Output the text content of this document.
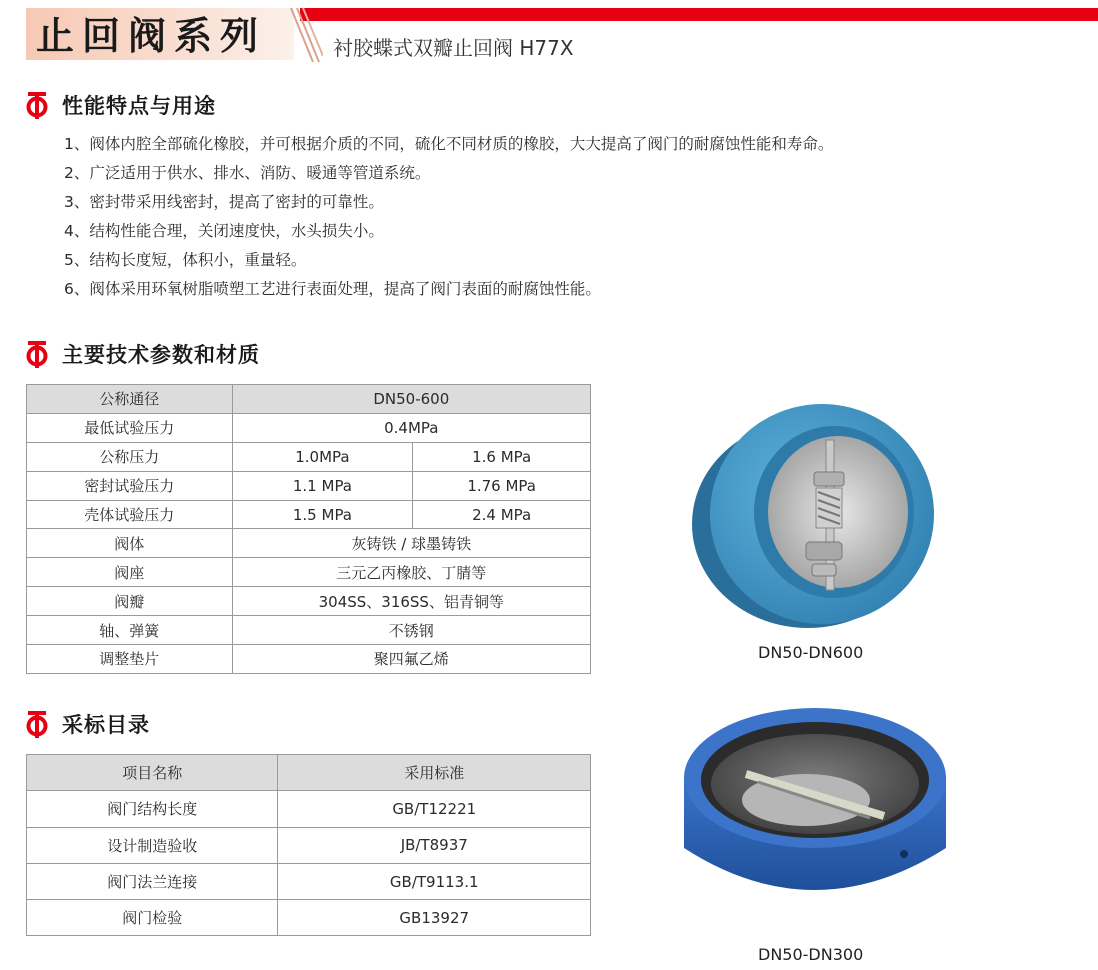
止回阀系列	衬胶蝶式双瓣止回阀 H77X
性能特点与用途
1、阀体内腔全部硫化橡胶，并可根据介质的不同，硫化不同材质的橡胶，大大提高了阀门的耐腐蚀性能和寿命。
2、广泛适用于供水、排水、消防、暖通等管道系统。
3、密封带采用线密封，提高了密封的可靠性。
4、结构性能合理，关闭速度快，水头损失小。
5、结构长度短，体积小，重量轻。
6、阀体采用环氧树脂喷塑工艺进行表面处理，提高了阀门表面的耐腐蚀性能。
主要技术参数和材质
公称通径	DN50-600	
最低试验压力	0.4MPa	
公称压力	1.0MPa	1.6 MPa
密封试验压力	1.1 MPa	1.76 MPa
壳体试验压力	1.5 MPa	2.4 MPa
阀体	灰铸铁 / 球墨铸铁	
阀座	三元乙丙橡胶、丁腈等	
阀瓣	304SS、316SS、铝青铜等	
轴、弹簧	不锈钢	
调整垫片	聚四氟乙烯	
采标目录
项目名称	采用标准
阀门结构长度	GB/T12221
设计制造验收	JB/T8937
阀门法兰连接	GB/T9113.1
阀门检验	GB13927
DN50-DN600
DN50-DN300
